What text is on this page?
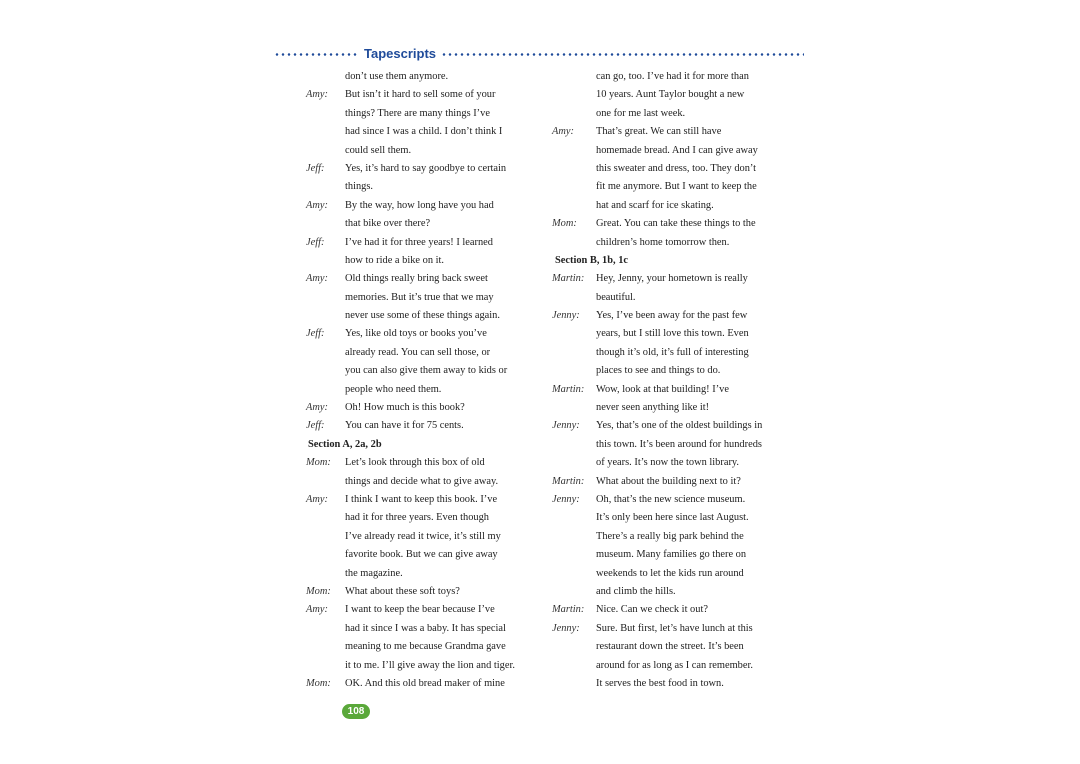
Tapescripts
don’t use them anymore.
Amy: But isn’t it hard to sell some of your
things? There are many things I’ve
had since I was a child. I don’t think I
could sell them.
Jeff: Yes, it’s hard to say goodbye to certain
things.
Amy: By the way, how long have you had
that bike over there?
Jeff: I’ve had it for three years! I learned
how to ride a bike on it.
Amy: Old things really bring back sweet
memories. But it’s true that we may
never use some of these things again.
Jeff: Yes, like old toys or books you’ve
already read. You can sell those, or
you can also give them away to kids or
people who need them.
Amy: Oh! How much is this book?
Jeff: You can have it for 75 cents.
Section A, 2a, 2b
Mom: Let’s look through this box of old
things and decide what to give away.
Amy: I think I want to keep this book. I’ve
had it for three years. Even though
I’ve already read it twice, it’s still my
favorite book. But we can give away
the magazine.
Mom: What about these soft toys?
Amy: I want to keep the bear because I’ve
had it since I was a baby. It has special
meaning to me because Grandma gave
it to me. I’ll give away the lion and tiger.
Mom: OK. And this old bread maker of mine
can go, too. I’ve had it for more than
10 years. Aunt Taylor bought a new
one for me last week.
Amy: That’s great. We can still have
homemade bread. And I can give away
this sweater and dress, too. They don’t
fit me anymore. But I want to keep the
hat and scarf for ice skating.
Mom: Great. You can take these things to the
children’s home tomorrow then.
Section B, 1b, 1c
Martin: Hey, Jenny, your hometown is really
beautiful.
Jenny: Yes, I’ve been away for the past few
years, but I still love this town. Even
though it’s old, it’s full of interesting
places to see and things to do.
Martin: Wow, look at that building! I’ve
never seen anything like it!
Jenny: Yes, that’s one of the oldest buildings in
this town. It’s been around for hundreds
of years. It’s now the town library.
Martin: What about the building next to it?
Jenny: Oh, that’s the new science museum.
It’s only been here since last August.
There’s a really big park behind the
museum. Many families go there on
weekends to let the kids run around
and climb the hills.
Martin: Nice. Can we check it out?
Jenny: Sure. But first, let’s have lunch at this
restaurant down the street. It’s been
around for as long as I can remember.
It serves the best food in town.
108
